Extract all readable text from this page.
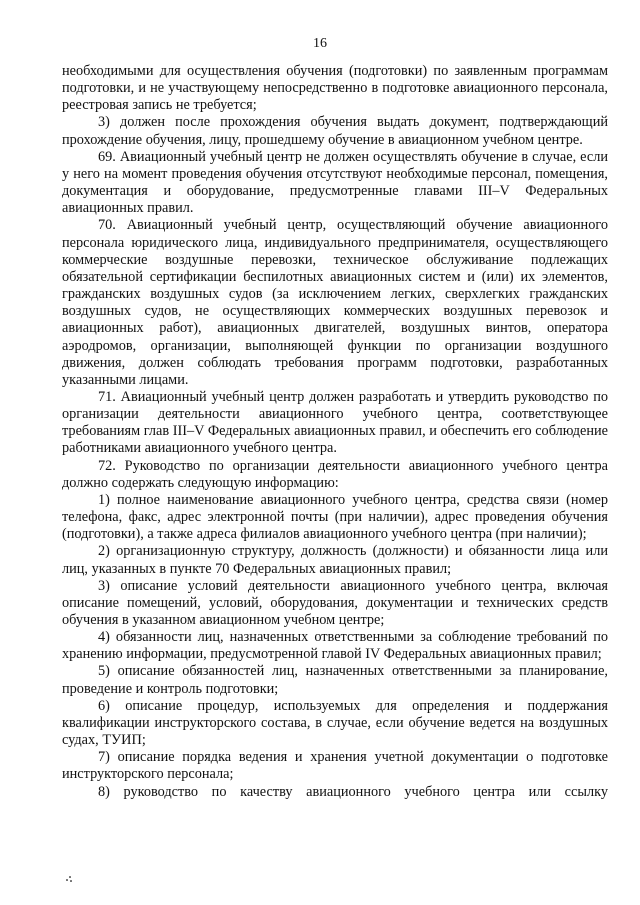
16

необходимыми для осуществления обучения (подготовки) по заявленным программам подготовки, и не участвующему непосредственно в подготовке авиационного персонала, реестровая запись не требуется;

3) должен после прохождения обучения выдать документ, подтверждающий прохождение обучения, лицу, прошедшему обучение в авиационном учебном центре.

69. Авиационный учебный центр не должен осуществлять обучение в случае, если у него на момент проведения обучения отсутствуют необходимые персонал, помещения, документация и оборудование, предусмотренные главами III–V Федеральных авиационных правил.

70. Авиационный учебный центр, осуществляющий обучение авиационного персонала юридического лица, индивидуального предпринимателя, осуществляющего коммерческие воздушные перевозки, техническое обслуживание подлежащих обязательной сертификации беспилотных авиационных систем и (или) их элементов, гражданских воздушных судов (за исключением легких, сверхлегких гражданских воздушных судов, не осуществляющих коммерческих воздушных перевозок и авиационных работ), авиационных двигателей, воздушных винтов, оператора аэродромов, организации, выполняющей функции по организации воздушного движения, должен соблюдать требования программ подготовки, разработанных указанными лицами.

71. Авиационный учебный центр должен разработать и утвердить руководство по организации деятельности авиационного учебного центра, соответствующее требованиям глав III–V Федеральных авиационных правил, и обеспечить его соблюдение работниками авиационного учебного центра.

72. Руководство по организации деятельности авиационного учебного центра должно содержать следующую информацию:

1) полное наименование авиационного учебного центра, средства связи (номер телефона, факс, адрес электронной почты (при наличии), адрес проведения обучения (подготовки), а также адреса филиалов авиационного учебного центра (при наличии);

2) организационную структуру, должность (должности) и обязанности лица или лиц, указанных в пункте 70 Федеральных авиационных правил;

3) описание условий деятельности авиационного учебного центра, включая описание помещений, условий, оборудования, документации и технических средств обучения в указанном авиационном учебном центре;

4) обязанности лиц, назначенных ответственными за соблюдение требований по хранению информации, предусмотренной главой IV Федеральных авиационных правил;

5) описание обязанностей лиц, назначенных ответственными за планирование, проведение и контроль подготовки;

6) описание процедур, используемых для определения и поддержания квалификации инструкторского состава, в случае, если обучение ведется на воздушных судах, ТУИП;

7) описание порядка ведения и хранения учетной документации о подготовке инструкторского персонала;

8) руководство по качеству авиационного учебного центра или ссылку
